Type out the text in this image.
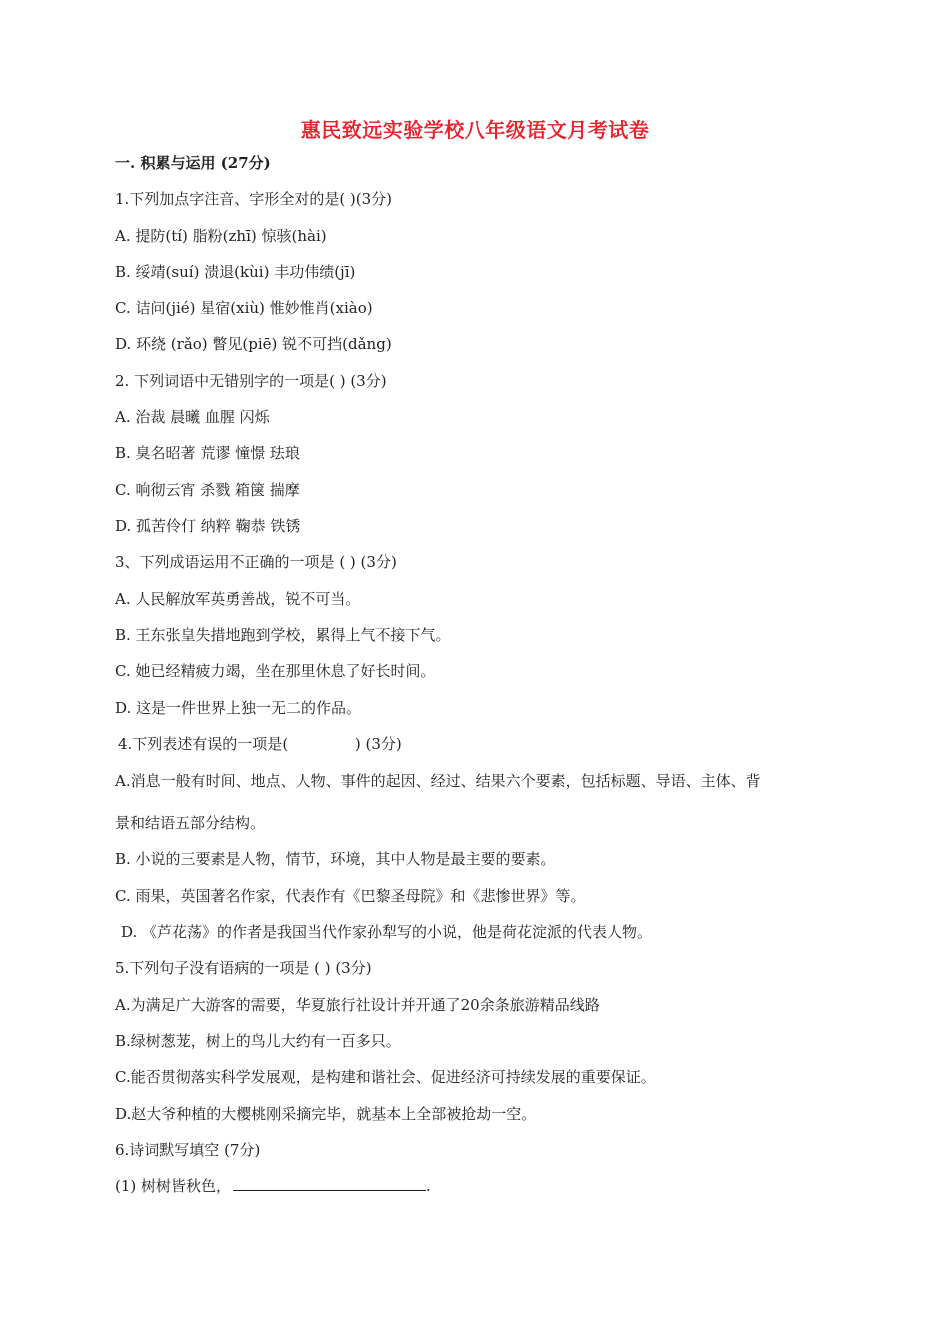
惠民致远实验学校八年级语文月考试卷
一. 积累与运用 (27分)
1.下列加点字注音、字形全对的是( )(3分)
A. 提防(tí) 脂粉(zhī) 惊骇(hài)
B. 绥靖(suí) 溃退(kùi) 丰功伟绩(jī)
C. 诘问(jié) 星宿(xiù) 惟妙惟肖(xiào)
D. 环绕 (rǎo) 瞥见(piē) 锐不可挡(dǎng)
2. 下列词语中无错别字的一项是( ) (3分)
A. 治裁 晨曦 血腥 闪烁
B. 臭名昭著 荒谬 憧憬 珐琅
C. 响彻云宵 杀戮 箱箧 揣摩
D. 孤苦伶仃 纳粹 鞠恭 铁锈
3、下列成语运用不正确的一项是 ( ) (3分)
A. 人民解放军英勇善战，锐不可当。
B. 王东张皇失措地跑到学校，累得上气不接下气。
C. 她已经精疲力竭，坐在那里休息了好长时间。
D. 这是一件世界上独一无二的作品。
4.下列表述有误的一项是(              ) (3分)
A.消息一般有时间、地点、人物、事件的起因、经过、结果六个要素，包括标题、导语、主体、背
景和结语五部分结构。
B. 小说的三要素是人物，情节，环境，其中人物是最主要的要素。
C. 雨果，英国著名作家，代表作有《巴黎圣母院》和《悲惨世界》等。
D. 《芦花荡》的作者是我国当代作家孙犁写的小说，他是荷花淀派的代表人物。
5.下列句子没有语病的一项是 ( ) (3分)
A.为满足广大游客的需要，华夏旅行社设计并开通了20余条旅游精品线路
B.绿树葱茏，树上的鸟儿大约有一百多只。
C.能否贯彻落实科学发展观，是构建和谐社会、促进经济可持续发展的重要保证。
D.赵大爷种植的大樱桃刚采摘完毕，就基本上全部被抢劫一空。
6.诗词默写填空 (7分)
(1) 树树皆秋色，	.
